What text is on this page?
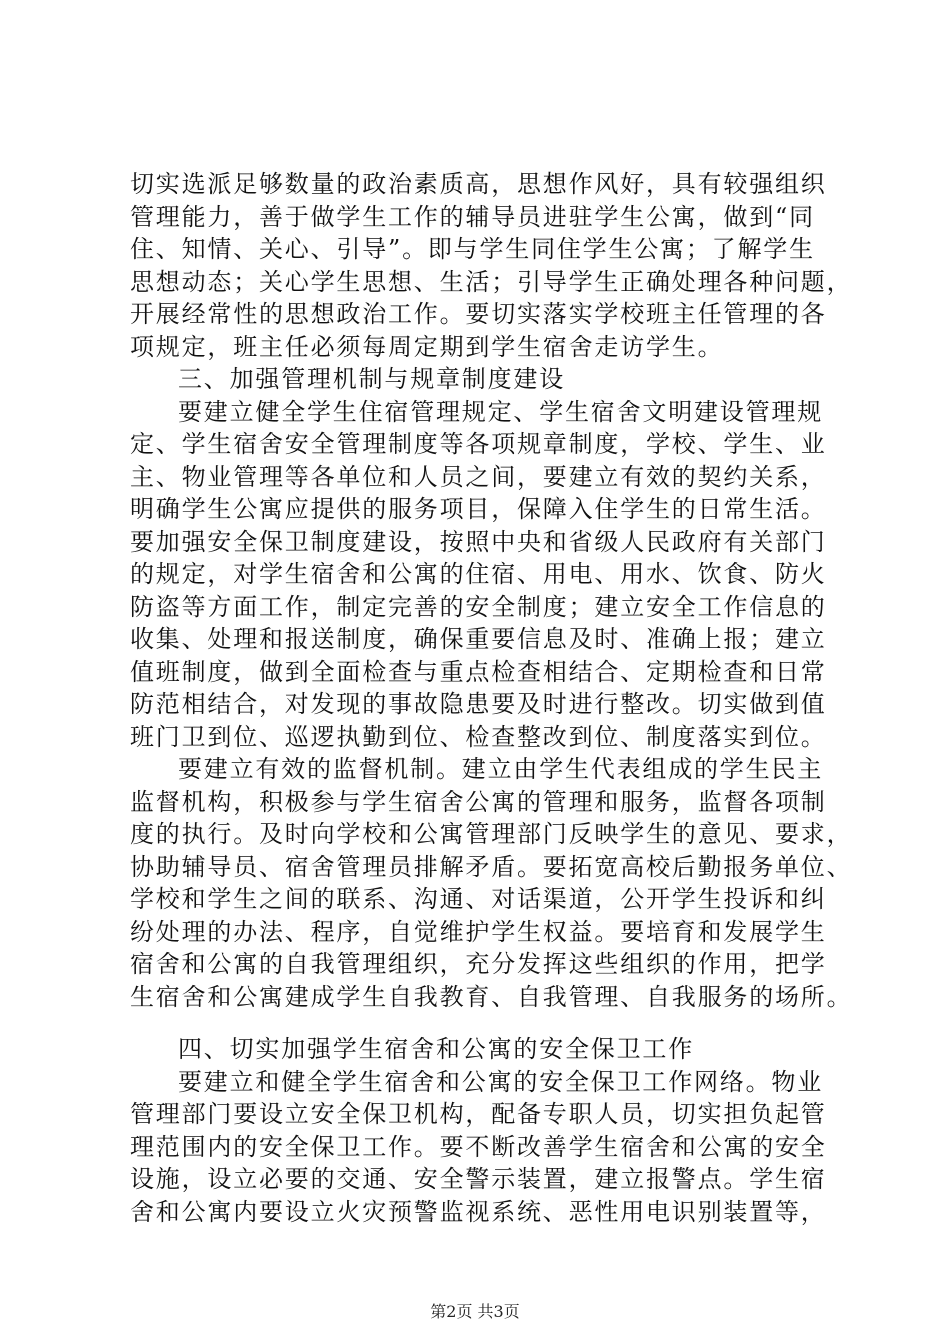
切实选派足够数量的政治素质高，思想作风好，具有较强组织
管理能力，善于做学生工作的辅导员进驻学生公寓，做到“同
住、知情、关心、引导”。即与学生同住学生公寓；了解学生
思想动态；关心学生思想、生活；引导学生正确处理各种问题，
开展经常性的思想政治工作。要切实落实学校班主任管理的各
项规定，班主任必须每周定期到学生宿舍走访学生。
三、加强管理机制与规章制度建设
要建立健全学生住宿管理规定、学生宿舍文明建设管理规
定、学生宿舍安全管理制度等各项规章制度，学校、学生、业
主、物业管理等各单位和人员之间，要建立有效的契约关系，
明确学生公寓应提供的服务项目，保障入住学生的日常生活。
要加强安全保卫制度建设，按照中央和省级人民政府有关部门
的规定，对学生宿舍和公寓的住宿、用电、用水、饮食、防火
防盗等方面工作，制定完善的安全制度；建立安全工作信息的
收集、处理和报送制度，确保重要信息及时、准确上报；建立
值班制度，做到全面检查与重点检查相结合、定期检查和日常
防范相结合，对发现的事故隐患要及时进行整改。切实做到值
班门卫到位、巡逻执勤到位、检查整改到位、制度落实到位。
要建立有效的监督机制。建立由学生代表组成的学生民主
监督机构，积极参与学生宿舍公寓的管理和服务，监督各项制
度的执行。及时向学校和公寓管理部门反映学生的意见、要求，
协助辅导员、宿舍管理员排解矛盾。要拓宽高校后勤报务单位、
学校和学生之间的联系、沟通、对话渠道，公开学生投诉和纠
纷处理的办法、程序，自觉维护学生权益。要培育和发展学生
宿舍和公寓的自我管理组织，充分发挥这些组织的作用，把学
生宿舍和公寓建成学生自我教育、自我管理、自我服务的场所。
四、切实加强学生宿舍和公寓的安全保卫工作
要建立和健全学生宿舍和公寓的安全保卫工作网络。物业
管理部门要设立安全保卫机构，配备专职人员，切实担负起管
理范围内的安全保卫工作。要不断改善学生宿舍和公寓的安全
设施，设立必要的交通、安全警示装置，建立报警点。学生宿
舍和公寓内要设立火灾预警监视系统、恶性用电识别装置等，
第2页 共3页
